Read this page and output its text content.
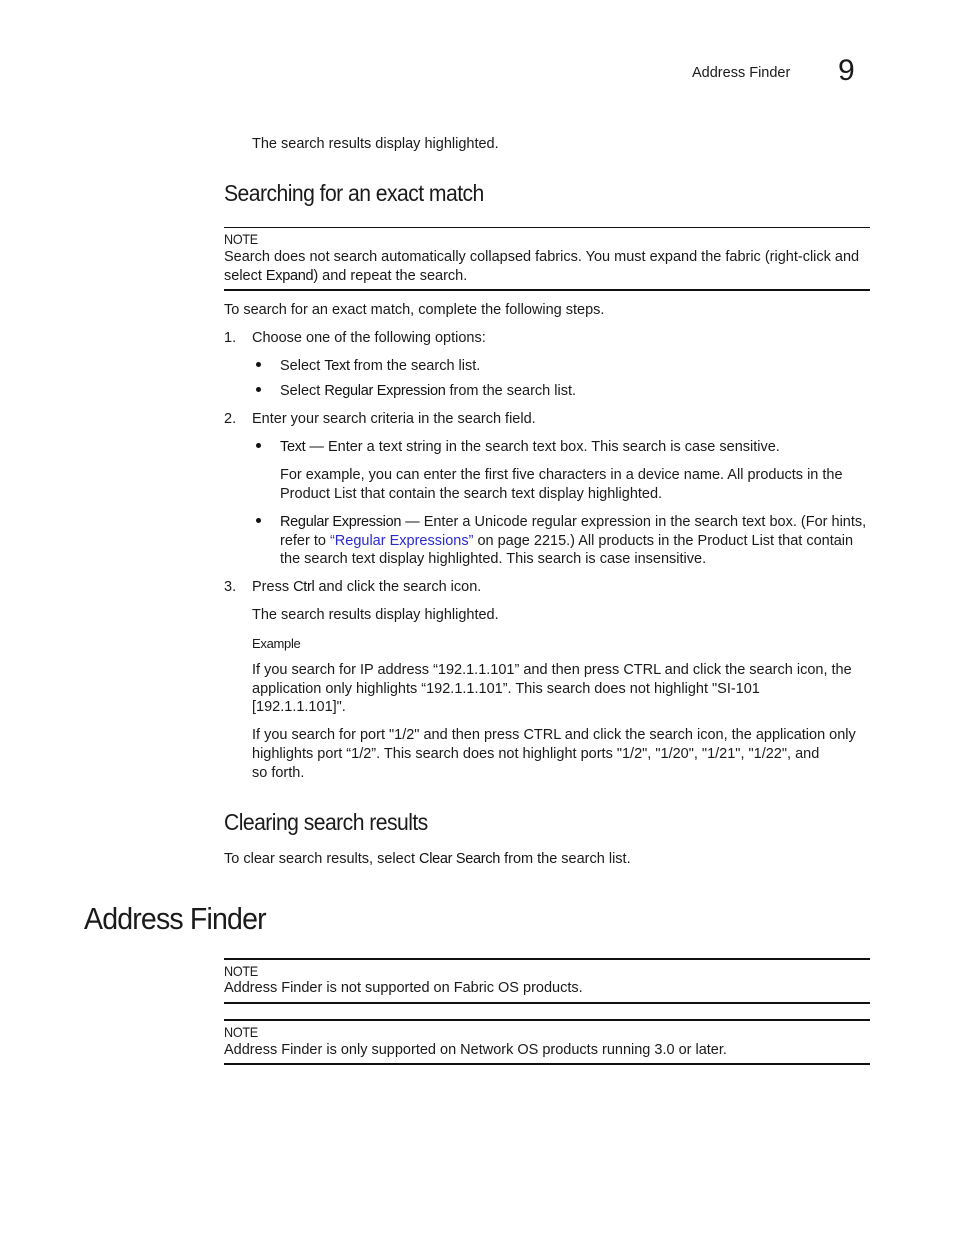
Address Finder 9
The search results display highlighted.
Searching for an exact match
NOTE
Search does not search automatically collapsed fabrics. You must expand the fabric (right-click and select Expand) and repeat the search.
To search for an exact match, complete the following steps.
1. Choose one of the following options:
Select Text from the search list.
Select Regular Expression from the search list.
2. Enter your search criteria in the search field.
Text — Enter a text string in the search text box. This search is case sensitive.
For example, you can enter the first five characters in a device name. All products in the Product List that contain the search text display highlighted.
Regular Expression — Enter a Unicode regular expression in the search text box. (For hints,
refer to “Regular Expressions” on page 2215.) All products in the Product List that contain
the search text display highlighted. This search is case insensitive.
3. Press Ctrl and click the search icon.
The search results display highlighted.
Example
If you search for IP address “192.1.1.101” and then press CTRL and click the search icon, the
application only highlights “192.1.1.101”. This search does not highlight "SI-101
[192.1.1.101]".
If you search for port "1/2" and then press CTRL and click the search icon, the application only
highlights port “1/2”. This search does not highlight ports "1/2", "1/20", "1/21", "1/22", and
so forth.
Clearing search results
To clear search results, select Clear Search from the search list.
Address Finder
NOTE
Address Finder is not supported on Fabric OS products.
NOTE
Address Finder is only supported on Network OS products running 3.0 or later.
